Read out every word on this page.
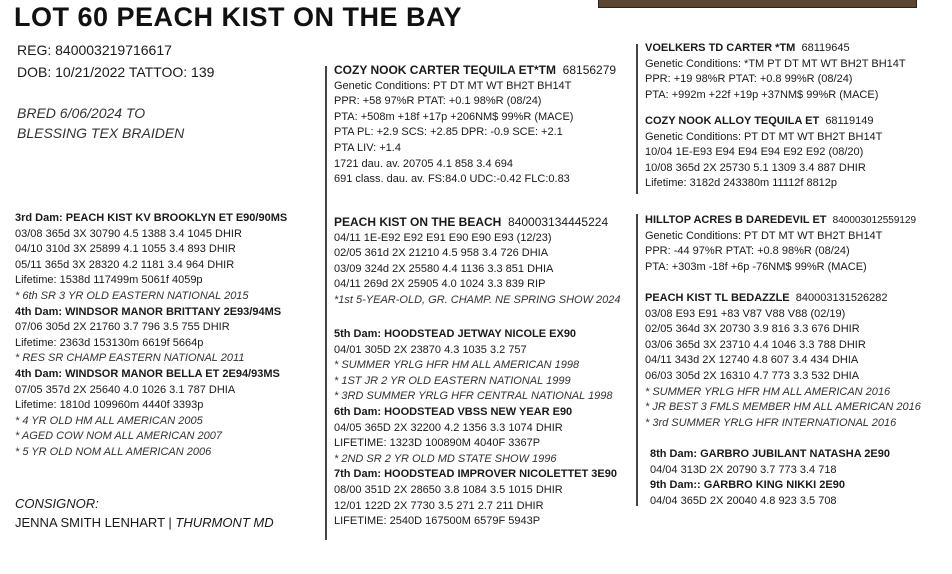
LOT 60 PEACH KIST ON THE BAY
REG: 840003219716617
DOB: 10/21/2022 TATTOO: 139
BRED 6/06/2024 TO
BLESSING TEX BRAIDEN
3rd Dam: PEACH KIST KV BROOKLYN ET E90/90MS
03/08 365d 3X 30790 4.5 1388 3.4 1045 DHIR
04/10 310d 3X 25899 4.1 1055 3.4 893 DHIR
05/11 365d 3X 28320 4.2 1181 3.4 964 DHIR
Lifetime: 1538d 117499m 5061f 4059p
* 6th SR 3 YR OLD EASTERN NATIONAL 2015
4th Dam: WINDSOR MANOR BRITTANY 2E93/94MS
07/06 305d 2X 21760 3.7 796 3.5 755 DHIR
Lifetime: 2363d 153130m 6619f 5664p
* RES SR CHAMP EASTERN NATIONAL 2011
4th Dam: WINDSOR MANOR BELLA ET 2E94/93MS
07/05 357d 2X 25640 4.0 1026 3.1 787 DHIA
Lifetime: 1810d 109960m 4440f 3393p
* 4 YR OLD HM ALL AMERICAN 2005
* AGED COW NOM ALL AMERICAN 2007
* 5 YR OLD NOM ALL AMERICAN 2006
CONSIGNOR:
JENNA SMITH LENHART | THURMONT MD
COZY NOOK CARTER TEQUILA ET*TM 68156279
Genetic Conditions: PT DT MT WT BH2T BH14T
PPR: +58 97%R PTAT: +0.1 98%R (08/24)
PTA: +508m +18f +17p +206NM$ 99%R (MACE)
PTA PL: +2.9 SCS: +2.85 DPR: -0.9 SCE: +2.1
PTA LIV: +1.4
1721 dau. av. 20705 4.1 858 3.4 694
691 class. dau. av. FS:84.0 UDC:-0.42 FLC:0.83
PEACH KIST ON THE BEACH 840003134445224
04/11 1E-E92 E92 E91 E90 E90 E93 (12/23)
02/05 361d 2X 21210 4.5 958 3.4 726 DHIA
03/09 324d 2X 25580 4.4 1136 3.3 851 DHIA
04/11 269d 2X 25905 4.0 1024 3.3 839 RIP
*1st 5-YEAR-OLD, GR. CHAMP. NE SPRING SHOW 2024
5th Dam: HOODSTEAD JETWAY NICOLE EX90
04/01 305D 2X 23870 4.3 1035 3.2 757
* SUMMER YRLG HFR HM ALL AMERICAN 1998
* 1ST JR 2 YR OLD EASTERN NATIONAL 1999
* 3RD SUMMER YRLG HFR CENTRAL NATIONAL 1998
6th Dam: HOODSTEAD VBSS NEW YEAR E90
04/05 365D 2X 32200 4.2 1356 3.3 1074 DHIR
LIFETIME: 1323D 100890M 4040F 3367P
* 2ND SR 2 YR OLD MD STATE SHOW 1996
7th Dam: HOODSTEAD IMPROVER NICOLETTET 3E90
08/00 351D 2X 28650 3.8 1084 3.5 1015 DHIR
12/01 122D 2X 7730 3.5 271 2.7 211 DHIR
LIFETIME: 2540D 167500M 6579F 5943P
VOELKERS TD CARTER *TM 68119645
Genetic Conditions: *TM PT DT MT WT BH2T BH14T
PPR: +19 98%R PTAT: +0.8 99%R (08/24)
PTA: +992m +22f +19p +37NM$ 99%R (MACE)
COZY NOOK ALLOY TEQUILA ET 68119149
Genetic Conditions: PT DT MT WT BH2T BH14T
10/04 1E-E93 E94 E94 E94 E92 E92 (08/20)
10/08 365d 2X 25730 5.1 1309 3.4 887 DHIR
Lifetime: 3182d 243380m 11112f 8812p
HILLTOP ACRES B DAREDEVIL ET 840003012559129
Genetic Conditions: PT DT MT WT BH2T BH14T
PPR: -44 97%R PTAT: +0.8 98%R (08/24)
PTA: +303m -18f +6p -76NM$ 99%R (MACE)
PEACH KIST TL BEDAZZLE 840003131526282
03/08 E93 E91 +83 V87 V88 V88 (02/19)
02/05 364d 3X 20730 3.9 816 3.3 676 DHIR
03/06 365d 3X 23710 4.4 1046 3.3 788 DHIR
04/11 343d 2X 12740 4.8 607 3.4 434 DHIA
06/03 305d 2X 16310 4.7 773 3.3 532 DHIA
* SUMMER YRLG HFR HM ALL AMERICAN 2016
* JR BEST 3 FMLS MEMBER HM ALL AMERICAN 2016
* 3rd SUMMER YRLG HFR INTERNATIONAL 2016
8th Dam: GARBRO JUBILANT NATASHA 2E90
04/04 313D 2X 20790 3.7 773 3.4 718
9th Dam:: GARBRO KING NIKKI 2E90
04/04 365D 2X 20040 4.8 923 3.5 708
